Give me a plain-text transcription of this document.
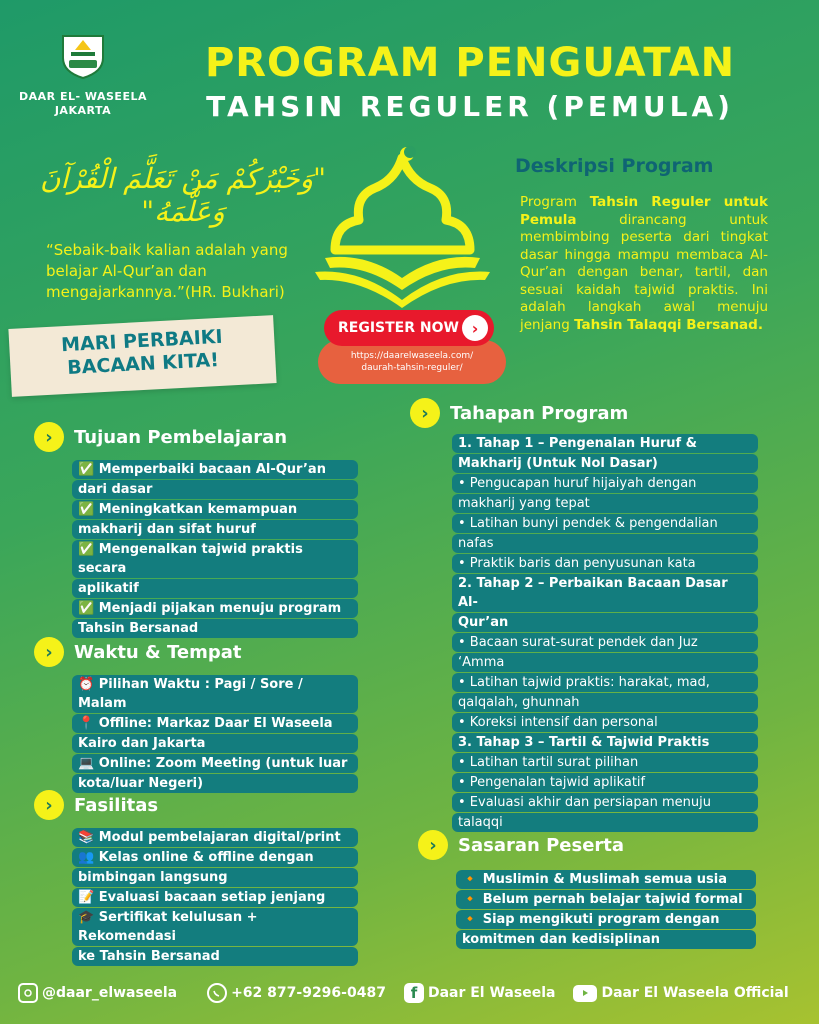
DAAR EL- WASEELA
JAKARTA
PROGRAM PENGUATAN
TAHSIN REGULER (PEMULA)
"وَخَيْرُكُمْ مَنْ تَعَلَّمَ الْقُرْآنَ وَعَلَّمَهُ"
“Sebaik-baik kalian adalah yang belajar Al-Qur’an dan mengajarkannya.”(HR. Bukhari)
MARI PERBAIKI
BACAAN KITA!
REGISTER NOW ›
https://daarelwaseela.com/
daurah-tahsin-reguler/
Deskripsi Program
Program Tahsin Reguler untuk Pemula dirancang untuk membimbing peserta dari tingkat dasar hingga mampu membaca Al-Qur’an dengan benar, tartil, dan sesuai kaidah tajwid praktis. Ini adalah langkah awal menuju jenjang Tahsin Talaqqi Bersanad.
›	Tujuan Pembelajaran
✅ Memperbaiki bacaan Al-Qur’an
dari dasar
✅ Meningkatkan kemampuan
makharij dan sifat huruf
✅ Mengenalkan tajwid praktis secara
aplikatif
✅ Menjadi pijakan menuju program
Tahsin Bersanad
›	Waktu & Tempat
⏰ Pilihan Waktu : Pagi / Sore / Malam
📍 Offline: Markaz Daar El Waseela
Kairo dan Jakarta
💻 Online: Zoom Meeting (untuk luar
kota/luar Negeri)
›	Fasilitas
📚 Modul pembelajaran digital/print
👥 Kelas online & offline dengan
bimbingan langsung
📝 Evaluasi bacaan setiap jenjang
🎓 Sertifikat kelulusan + Rekomendasi
ke Tahsin Bersanad
›	Tahapan Program
1. Tahap 1 – Pengenalan Huruf &
Makharij (Untuk Nol Dasar)
• Pengucapan huruf hijaiyah dengan
makharij yang tepat
• Latihan bunyi pendek & pengendalian
nafas
• Praktik baris dan penyusunan kata
2. Tahap 2 – Perbaikan Bacaan Dasar Al-
Qur’an
• Bacaan surat-surat pendek dan Juz
‘Amma
• Latihan tajwid praktis: harakat, mad,
qalqalah, ghunnah
• Koreksi intensif dan personal
3. Tahap 3 – Tartil & Tajwid Praktis
• Latihan tartil surat pilihan
• Pengenalan tajwid aplikatif
• Evaluasi akhir dan persiapan menuju
talaqqi
›	Sasaran Peserta
🔸 Muslimin & Muslimah semua usia
🔸 Belum pernah belajar tajwid formal
🔸 Siap mengikuti program dengan
komitmen dan kedisiplinan
@daar_elwaseela	+62 877-9296-0487	f Daar El Waseela	Daar El Waseela Official
